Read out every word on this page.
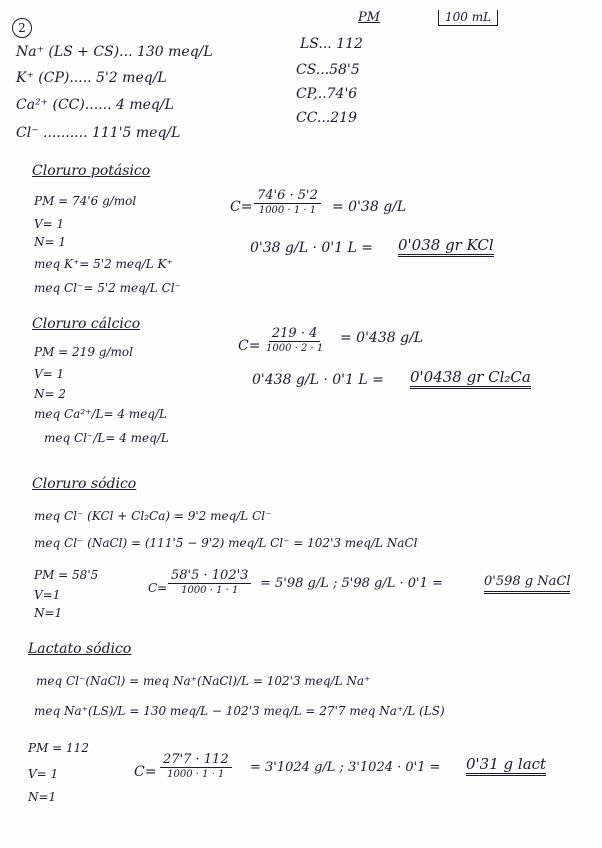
2
PM	100 mL
Na⁺ (LS + CS)... 130 meq/L
K⁺ (CP)..... 5'2 meq/L
Ca²⁺ (CC)...... 4 meq/L
Cl⁻ .......... 111'5 meq/L
LS... 112
CS...58'5
CP,..74'6
CC...219
Cloruro potásico
PM = 74'6 g/mol
V= 1
N= 1
meq K⁺= 5'2 meq/L K⁺
meq Cl⁻= 5'2 meq/L Cl⁻
C=
74'6 · 5'2
1000 · 1 · 1 = 0'38 g/L
0'38 g/L · 0'1 L = 0'038 gr KCl
Cloruro cálcico
PM = 219 g/mol
V= 1
N= 2
meq Ca²⁺/L= 4 meq/L
meq Cl⁻/L= 4 meq/L
C=
219 · 4
1000 · 2 · 1
= 0'438 g/L
0'438 g/L · 0'1 L = 0'0438 gr Cl₂Ca
Cloruro sódico
meq Cl⁻ (KCl + Cl₂Ca) = 9'2 meq/L Cl⁻
meq Cl⁻ (NaCl) = (111'5 − 9'2) meq/L Cl⁻ = 102'3 meq/L NaCl
PM = 58'5
V=1
N=1
C=
58'5 · 102'3
1000 · 1 · 1 = 5'98 g/L ; 5'98 g/L · 0'1 =	0'598 g NaCl
Lactato sódico
meq Cl⁻(NaCl) = meq Na⁺(NaCl)/L = 102'3 meq/L Na⁺
meq Na⁺(LS)/L = 130 meq/L − 102'3 meq/L = 27'7 meq Na⁺/L (LS)
PM = 112
V= 1
N=1
C=
27'7 · 112
1000 · 1 · 1 = 3'1024 g/L ; 3'1024 · 0'1 = 0'31 g lact
